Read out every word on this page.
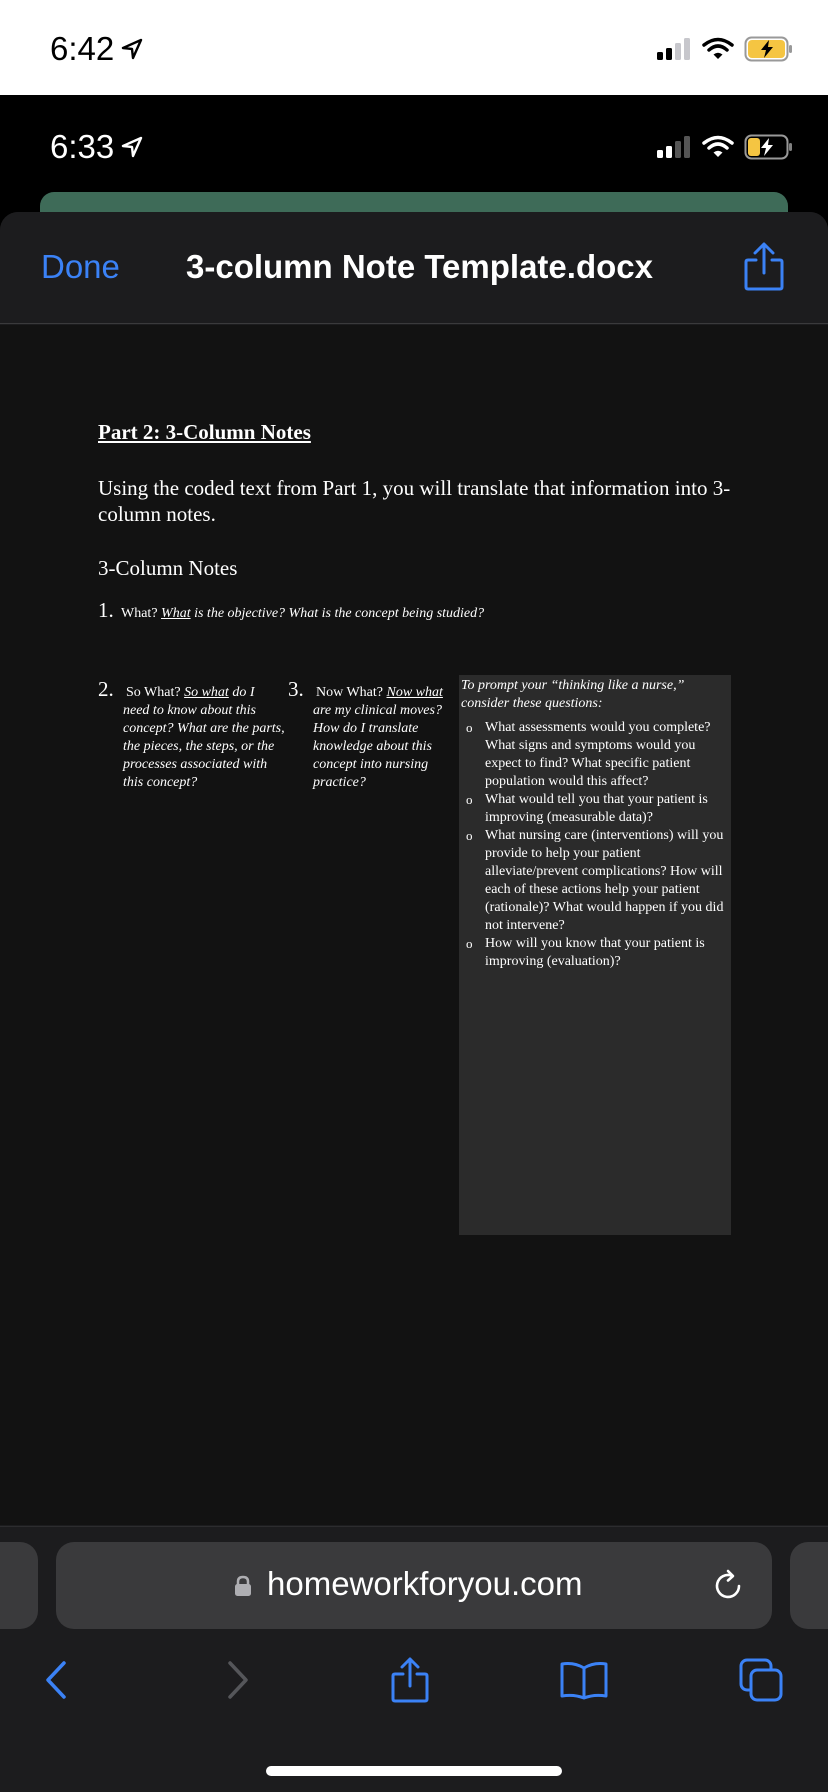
6:42
6:33
Done 3-column Note Template.docx
Part 2: 3-Column Notes
Using the coded text from Part 1, you will translate that information into 3-column notes.
3-Column Notes
1. What? What is the objective? What is the concept being studied?
2. So What? So what do I
need to know about this concept? What are the parts, the pieces, the steps, or the processes associated with this concept?
3. Now What? Now what
are my clinical moves? How do I translate knowledge about this concept into nursing practice?
To prompt your “thinking like a nurse,” consider these questions:
o What assessments would you complete? What signs and symptoms would you expect to find? What specific patient population would this affect?
o What would tell you that your patient is improving (measurable data)?
o What nursing care (interventions) will you provide to help your patient alleviate/prevent complications? How will each of these actions help your patient (rationale)? What would happen if you did not intervene?
o How will you know that your patient is improving (evaluation)?
homeworkforyou.com
